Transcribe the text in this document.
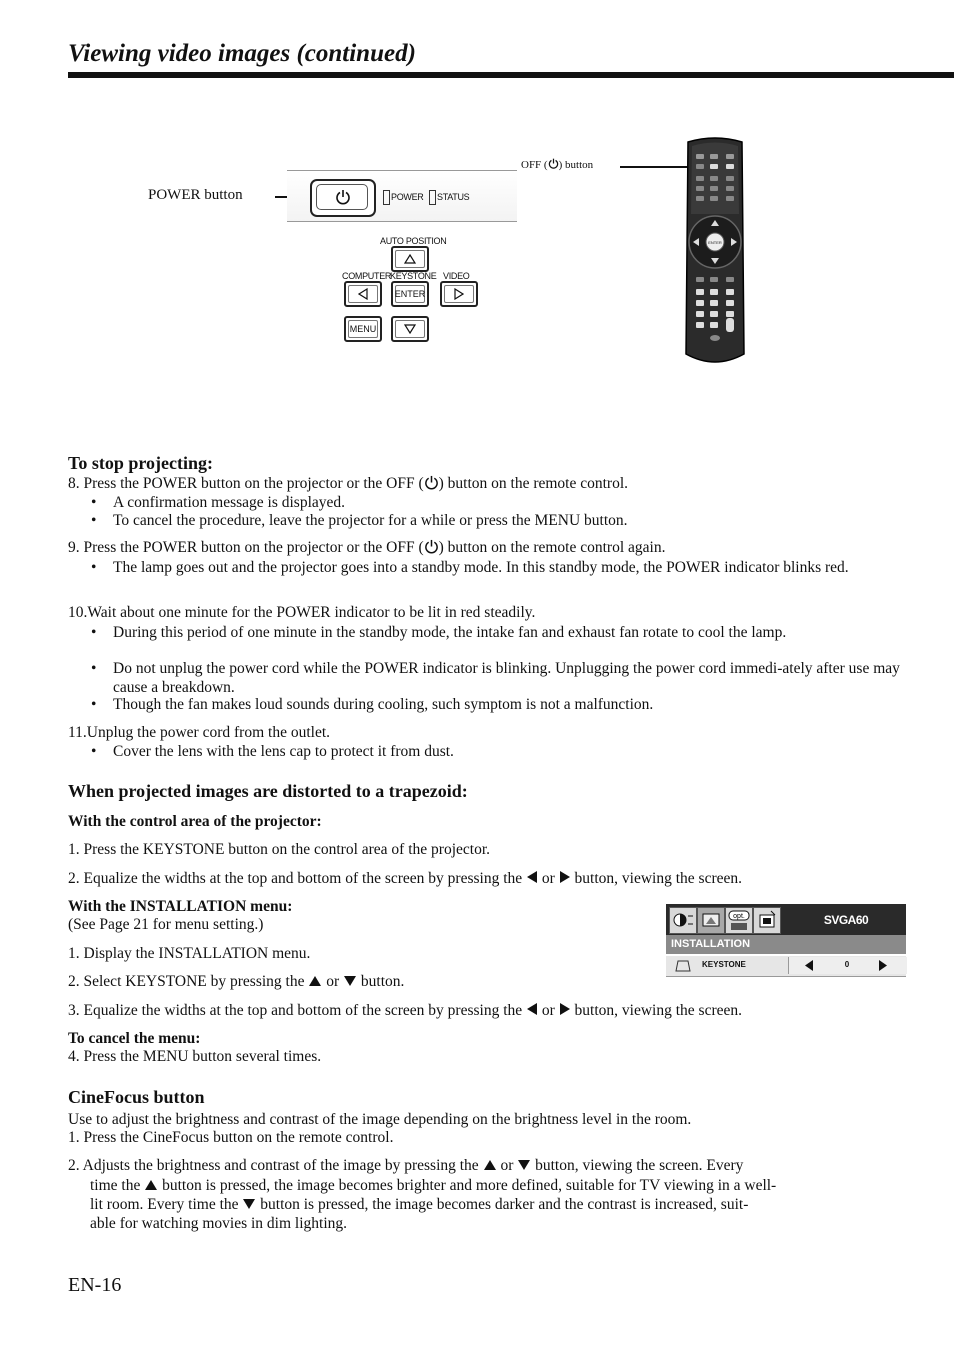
Viewing video images (continued)
POWER button	POWER STATUS
AUTO POSITION
COMPUTER
KEYSTONE VIDEO
ENTER
MENU
OFF ( ) button
ENTER
To stop projecting:
8. Press the POWER button on the projector or the OFF ( ) button on the remote control.
• A confirmation message is displayed.
• To cancel the procedure, leave the projector for a while or press the MENU button.
9. Press the POWER button on the projector or the OFF ( ) button on the remote control again.
• The lamp goes out and the projector goes into a standby mode. In this standby mode, the POWER indicator blinks red.
10.Wait about one minute for the POWER indicator to be lit in red steadily.
• During this period of one minute in the standby mode, the intake fan and exhaust fan rotate to cool the lamp.
• Do not unplug the power cord while the POWER indicator is blinking. Unplugging the power cord immedi-ately after use may cause a breakdown.
• Though the fan makes loud sounds during cooling, such symptom is not a malfunction.
11.Unplug the power cord from the outlet.
• Cover the lens with the lens cap to protect it from dust.
When projected images are distorted to a trapezoid:
With the control area of the projector:
1. Press the KEYSTONE button on the control area of the projector.
2. Equalize the widths at the top and bottom of the screen by pressing the or button, viewing the screen.
With the INSTALLATION menu:
(See Page 21 for menu setting.)
1. Display the INSTALLATION menu.
2. Select KEYSTONE by pressing the or button.
3. Equalize the widths at the top and bottom of the screen by pressing the or button, viewing the screen.
To cancel the menu:
4. Press the MENU button several times.
opt.	SVGA60
INSTALLATION
KEYSTONE	0
CineFocus button
Use to adjust the brightness and contrast of the image depending on the brightness level in the room.
1. Press the CineFocus button on the remote control.
2. Adjusts the brightness and contrast of the image by pressing the or button, viewing the screen. Every
time the button is pressed, the image becomes brighter and more defined, suitable for TV viewing in a well-
lit room. Every time the button is pressed, the image becomes darker and the contrast is increased, suit-
able for watching movies in dim lighting.
EN-16
